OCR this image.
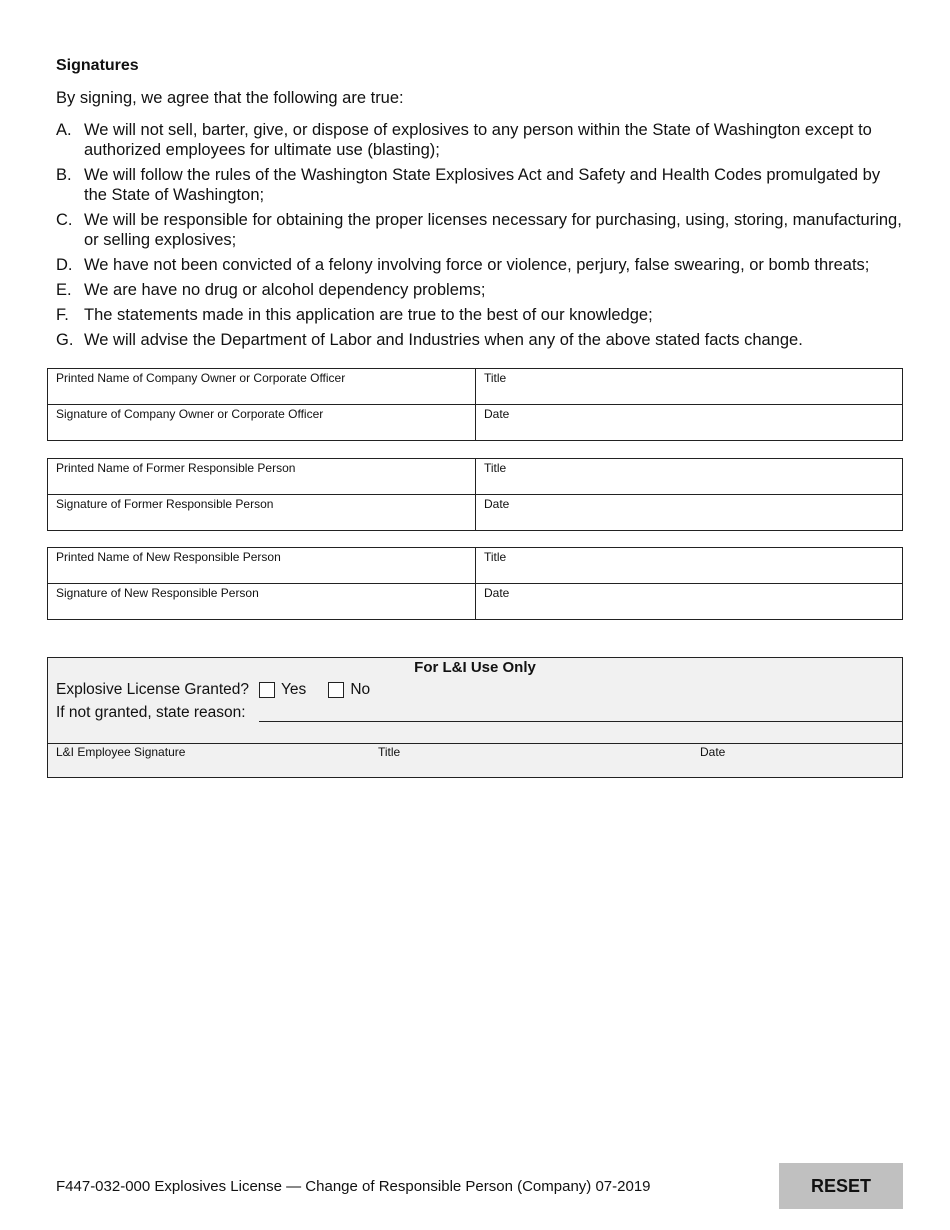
Signatures
By signing, we agree that the following are true:
A. We will not sell, barter, give, or dispose of explosives to any person within the State of Washington except to authorized employees for ultimate use (blasting);
B. We will follow the rules of the Washington State Explosives Act and Safety and Health Codes promulgated by the State of Washington;
C. We will be responsible for obtaining the proper licenses necessary for purchasing, using, storing, manufacturing, or selling explosives;
D. We have not been convicted of a felony involving force or violence, perjury, false swearing, or bomb threats;
E. We are have no drug or alcohol dependency problems;
F. The statements made in this application are true to the best of our knowledge;
G. We will advise the Department of Labor and Industries when any of the above stated facts change.
Printed Name of Company Owner or Corporate Officer	Title
Signature of Company Owner or Corporate Officer	Date
Printed Name of Former Responsible Person	Title
Signature of Former Responsible Person	Date
Printed Name of New Responsible Person	Title
Signature of New Responsible Person	Date
For L&I Use Only
Explosive License Granted? Yes	No
If not granted, state reason:
L&I Employee Signature	Title	Date
F447-032-000 Explosives License — Change of Responsible Person (Company) 07-2019	RESET
